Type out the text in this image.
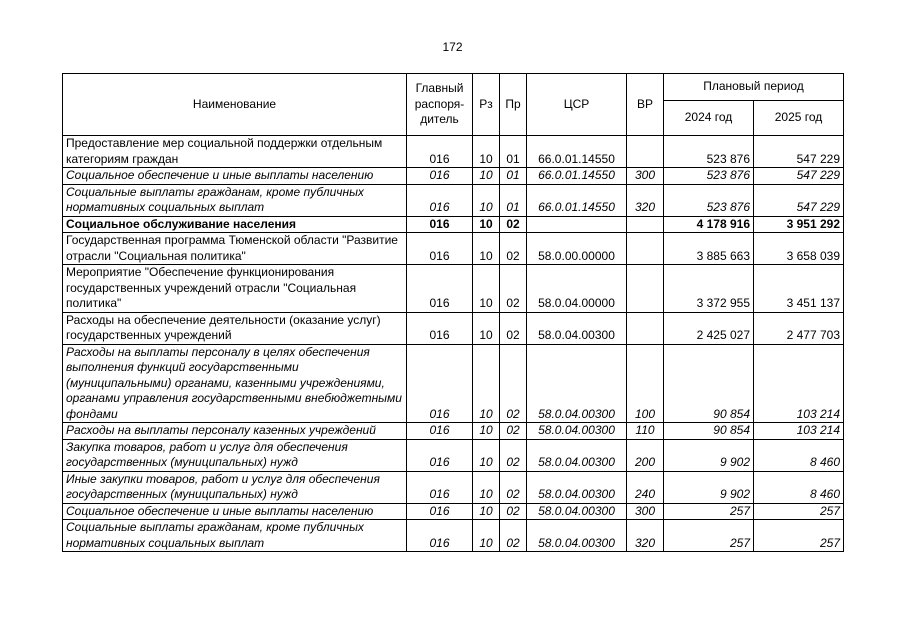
172
Наименование	Главный распоря-дитель	Рз	Пр	ЦСР	ВР	Плановый период	
						2024 год	2025 год
Предоставление мер социальной поддержки отдельным категориям граждан	016	10	01	66.0.01.14550		523 876	547 229
Социальное обеспечение и иные выплаты населению	016	10	01	66.0.01.14550	300	523 876	547 229
Социальные выплаты гражданам, кроме публичных нормативных социальных выплат	016	10	01	66.0.01.14550	320	523 876	547 229
Социальное обслуживание населения	016	10	02			4 178 916	3 951 292
Государственная программа Тюменской области "Развитие отрасли "Социальная политика"	016	10	02	58.0.00.00000		3 885 663	3 658 039
Мероприятие "Обеспечение функционирования государственных учреждений отрасли "Социальная политика"	016	10	02	58.0.04.00000		3 372 955	3 451 137
Расходы на обеспечение деятельности (оказание услуг) государственных учреждений	016	10	02	58.0.04.00300		2 425 027	2 477 703
Расходы на выплаты персоналу в целях обеспечения выполнения функций государственными (муниципальными) органами, казенными учреждениями, органами управления государственными внебюджетными фондами	016	10	02	58.0.04.00300	100	90 854	103 214
Расходы на выплаты персоналу казенных учреждений	016	10	02	58.0.04.00300	110	90 854	103 214
Закупка товаров, работ и услуг для обеспечения государственных (муниципальных) нужд	016	10	02	58.0.04.00300	200	9 902	8 460
Иные закупки товаров, работ и услуг для обеспечения государственных (муниципальных) нужд	016	10	02	58.0.04.00300	240	9 902	8 460
Социальное обеспечение и иные выплаты населению	016	10	02	58.0.04.00300	300	257	257
Социальные выплаты гражданам, кроме публичных нормативных социальных выплат	016	10	02	58.0.04.00300	320	257	257
